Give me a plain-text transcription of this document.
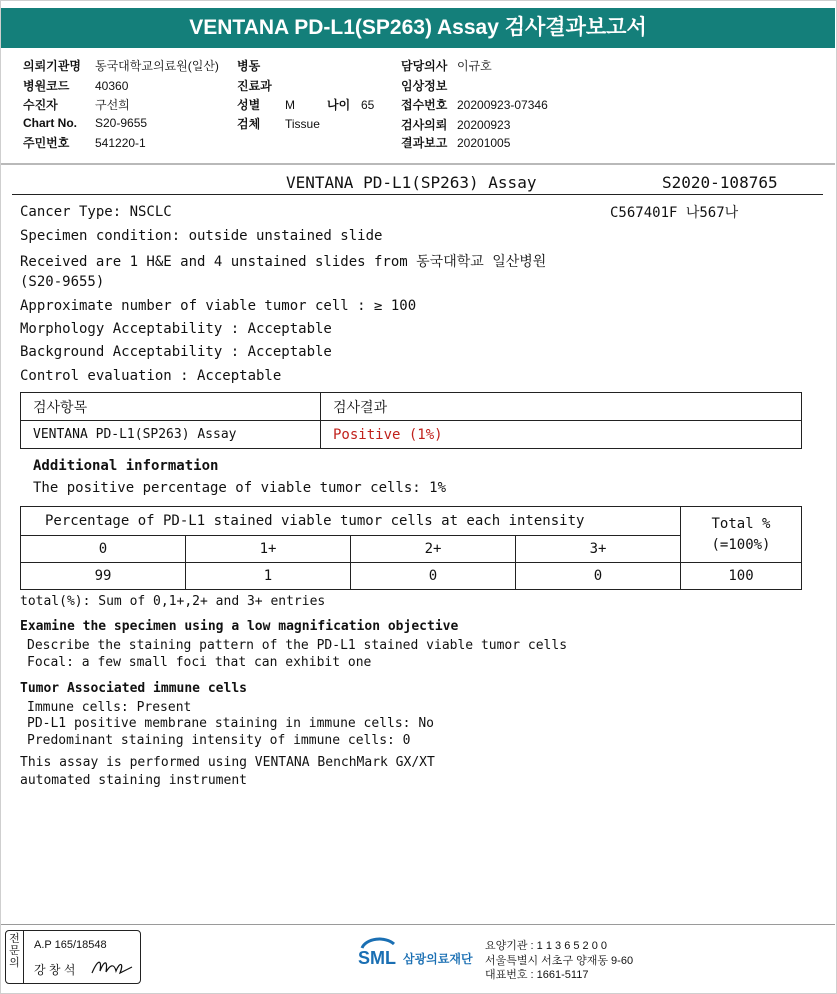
VENTANA PD-L1(SP263) Assay 검사결과보고서
의뢰기관명 동국대학교의료원(일산)
병원코드 40360
수진자	구선희
Chart No. S20-9655
주민번호 541220-1
병동
진료과
성별 M
검체 Tissue
나이 65
담당의사 이규호
임상정보
접수번호 20200923-07346
검사의뢰 20200923
결과보고 20201005
VENTANA PD-L1(SP263) Assay	S2020-108765
C567401F 나567나
Cancer Type: NSCLC
Specimen condition: outside unstained slide
Received are 1 H&E and 4 unstained slides from 동국대학교 일산병원
(S20-9655)
Approximate number of viable tumor cell : ≥ 100
Morphology Acceptability : Acceptable
Background Acceptability : Acceptable
Control evaluation : Acceptable
검사항목	검사결과
VENTANA PD-L1(SP263) Assay	Positive (1%)
Additional information
The positive percentage of viable tumor cells: 1%
Percentage of PD-L1 stained viable tumor cells at each intensity				Total %
(=100%)

0	1+	2+	3+	
99	1	0	0	100
total(%): Sum of 0,1+,2+ and 3+ entries
Examine the specimen using a low magnification objective
Describe the staining pattern of the PD-L1 stained viable tumor cells
Focal: a few small foci that can exhibit one
Tumor Associated immune cells
Immune cells: Present
PD-L1 positive membrane staining in immune cells: No
Predominant staining intensity of immune cells: 0
This assay is performed using VENTANA BenchMark GX/XT
automated staining instrument
전문의
A.P 165/18548
강 창 석
SML 삼광의료재단
요양기관 : 1 1 3 6 5 2 0 0
서울특별시 서초구 양재동 9-60
대표번호 : 1661-5117
